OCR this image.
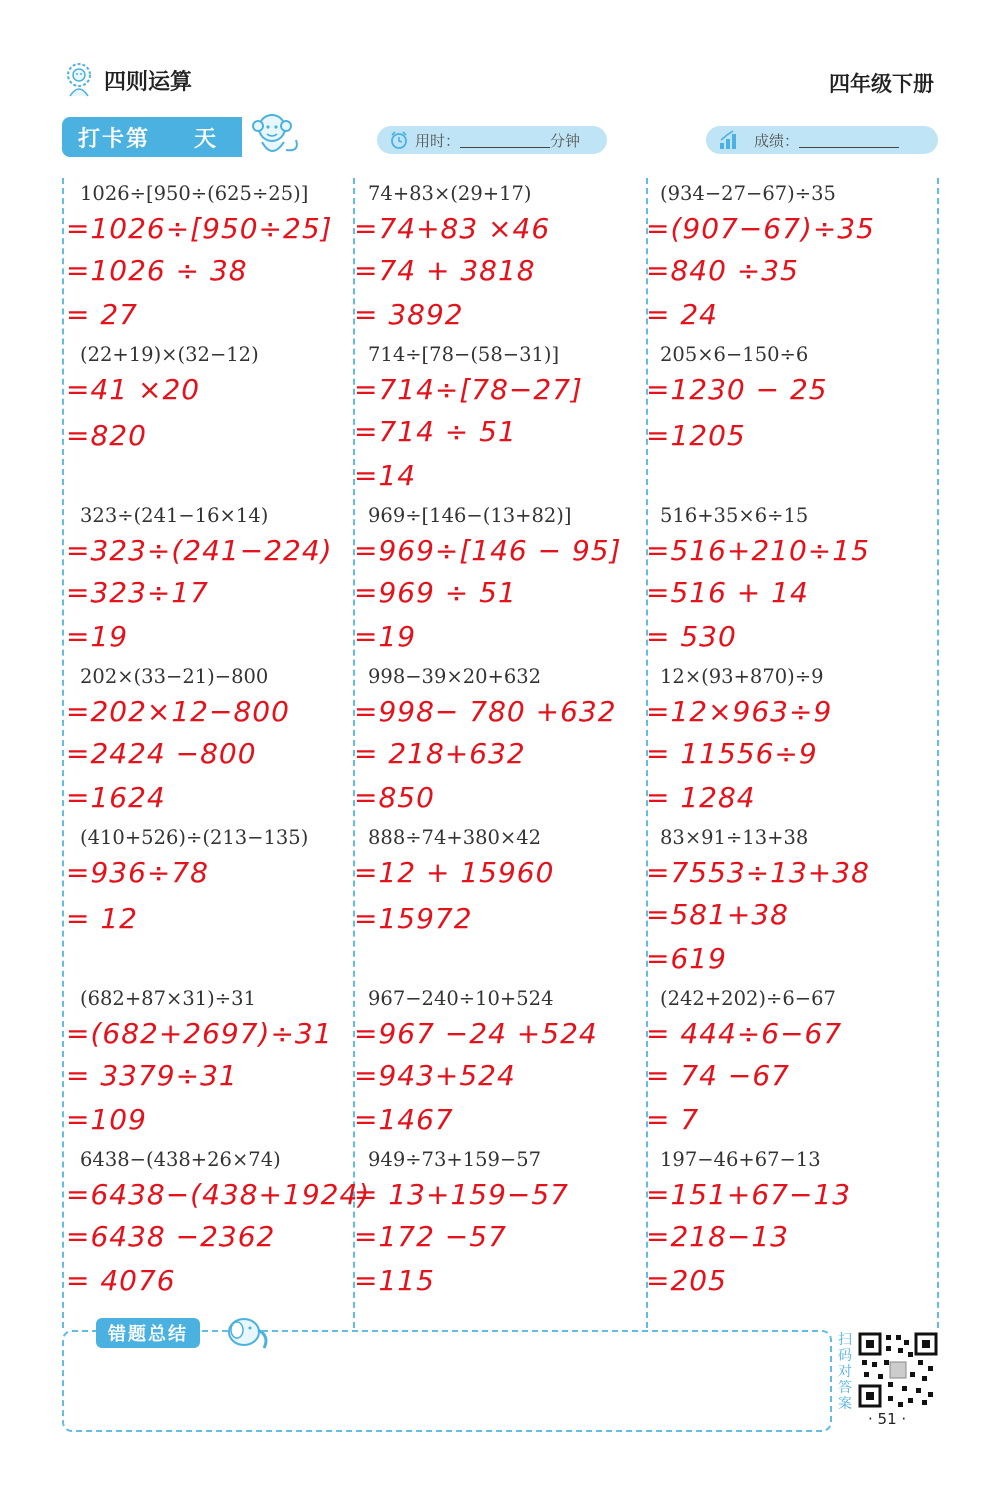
四则运算	四年级下册
打卡第 天	用时：	分钟	成绩：
1026÷[950÷(625÷25)]
=1026÷[950÷25]
=1026 ÷ 38
= 27
(22+19)×(32−12)
=41 ×20
=820
323÷(241−16×14)
=323÷(241−224)
=323÷17
=19
202×(33−21)−800
=202×12−800
=2424 −800
=1624
(410+526)÷(213−135)
=936÷78
= 12
(682+87×31)÷31
=(682+2697)÷31
= 3379÷31
=109
6438−(438+26×74)
=6438−(438+1924)
=6438 −2362
= 4076
74+83×(29+17)
=74+83 ×46
=74 + 3818
= 3892
714÷[78−(58−31)]
=714÷[78−27]
=714 ÷ 51
=14
969÷[146−(13+82)]
=969÷[146 − 95]
=969 ÷ 51
=19
998−39×20+632
=998− 780 +632
= 218+632
=850
888÷74+380×42
=12 + 15960
=15972
967−240÷10+524
=967 −24 +524
=943+524
=1467
949÷73+159−57
= 13+159−57
=172 −57
=115
(934−27−67)÷35
=(907−67)÷35
=840 ÷35
= 24
205×6−150÷6
=1230 − 25
=1205
516+35×6÷15
=516+210÷15
=516 + 14
= 530
12×(93+870)÷9
=12×963÷9
= 11556÷9
= 1284
83×91÷13+38
=7553÷13+38
=581+38
=619
(242+202)÷6−67
= 444÷6−67
= 74 −67
= 7
197−46+67−13
=151+67−13
=218−13
=205
错题总结	扫码对答案
· 51 ·
